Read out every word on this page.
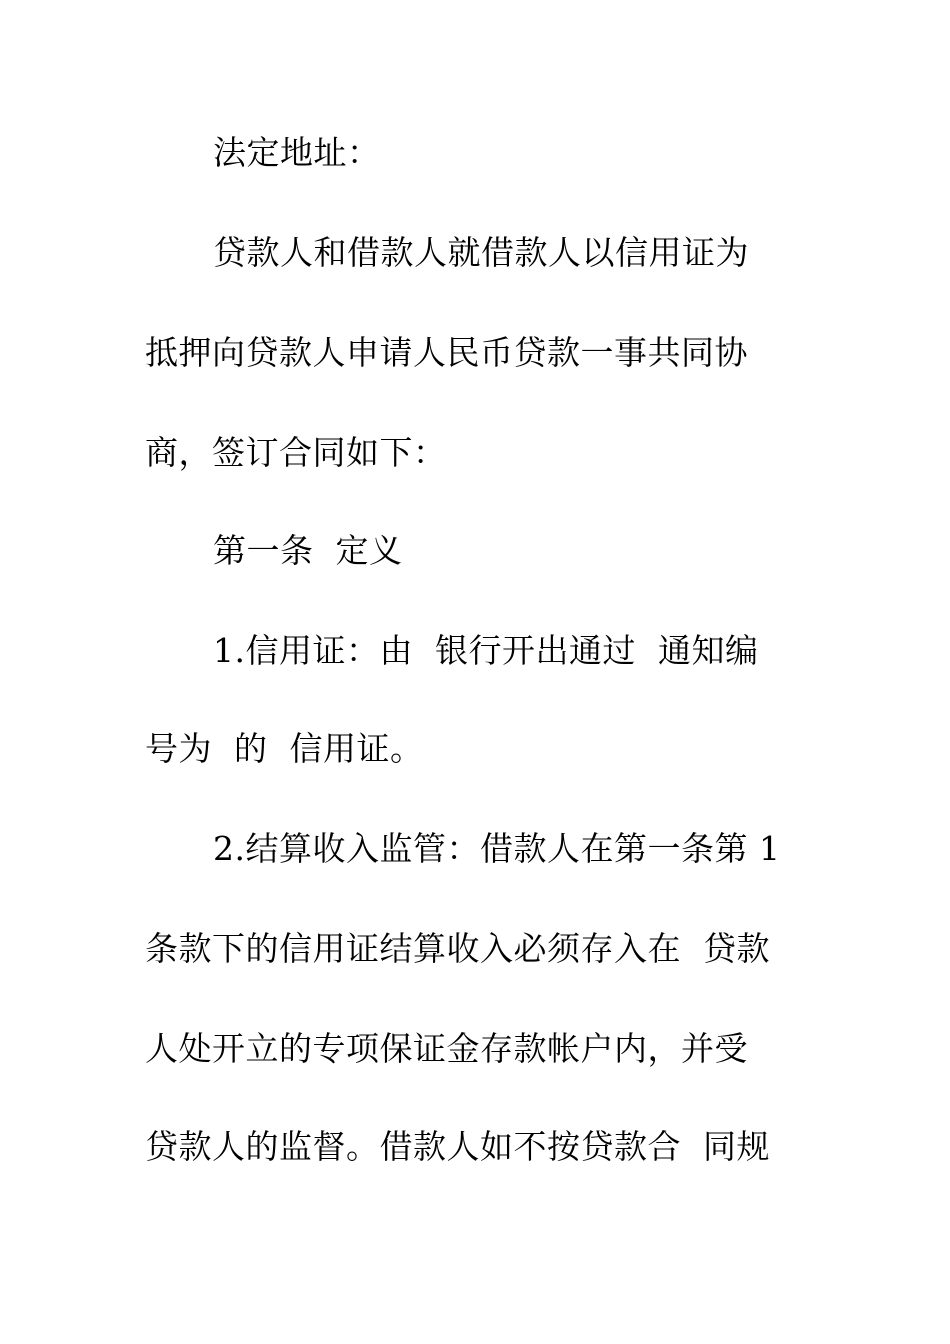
法定地址：
贷款人和借款人就借款人以信用证为
抵押向贷款人申请人民币贷款一事共同协
商，签订合同如下：
第一条  定义
1.信用证：由  银行开出通过  通知编
号为  的  信用证。
2.结算收入监管：借款人在第一条第 1
条款下的信用证结算收入必须存入在  贷款
人处开立的专项保证金存款帐户内，并受
贷款人的监督。借款人如不按贷款合  同规
